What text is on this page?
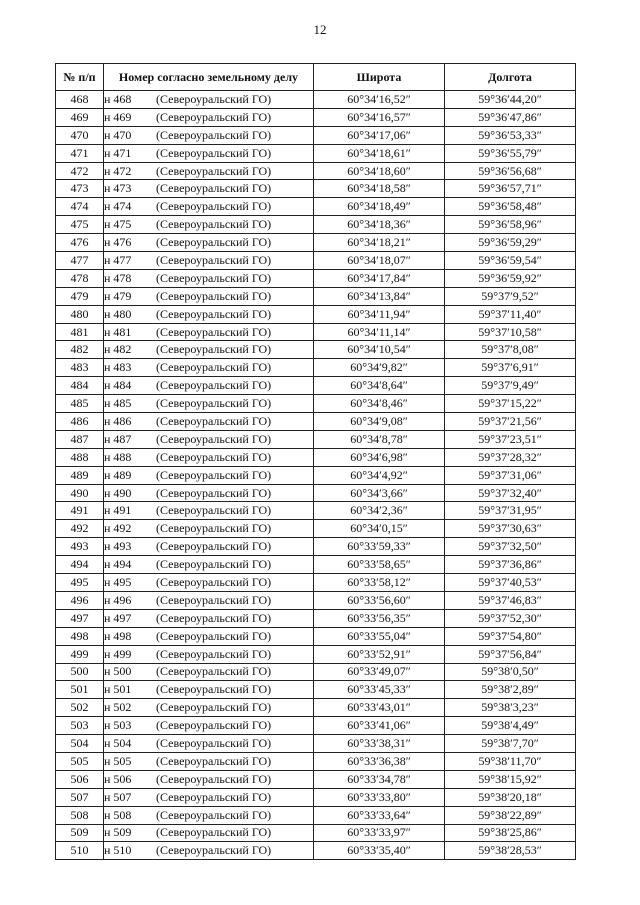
12
№ п/п	Номер согласно земельному делу	Широта	Долгота
468	н 468 (Североуральский ГО)	60°34′16,52″	59°36′44,20″
469	н 469 (Североуральский ГО)	60°34′16,57″	59°36′47,86″
470	н 470 (Североуральский ГО)	60°34′17,06″	59°36′53,33″
471	н 471 (Североуральский ГО)	60°34′18,61″	59°36′55,79″
472	н 472 (Североуральский ГО)	60°34′18,60″	59°36′56,68″
473	н 473 (Североуральский ГО)	60°34′18,58″	59°36′57,71″
474	н 474 (Североуральский ГО)	60°34′18,49″	59°36′58,48″
475	н 475 (Североуральский ГО)	60°34′18,36″	59°36′58,96″
476	н 476 (Североуральский ГО)	60°34′18,21″	59°36′59,29″
477	н 477 (Североуральский ГО)	60°34′18,07″	59°36′59,54″
478	н 478 (Североуральский ГО)	60°34′17,84″	59°36′59,92″
479	н 479 (Североуральский ГО)	60°34′13,84″	59°37′9,52″
480	н 480 (Североуральский ГО)	60°34′11,94″	59°37′11,40″
481	н 481 (Североуральский ГО)	60°34′11,14″	59°37′10,58″
482	н 482 (Североуральский ГО)	60°34′10,54″	59°37′8,08″
483	н 483 (Североуральский ГО)	60°34′9,82″	59°37′6,91″
484	н 484 (Североуральский ГО)	60°34′8,64″	59°37′9,49″
485	н 485 (Североуральский ГО)	60°34′8,46″	59°37′15,22″
486	н 486 (Североуральский ГО)	60°34′9,08″	59°37′21,56″
487	н 487 (Североуральский ГО)	60°34′8,78″	59°37′23,51″
488	н 488 (Североуральский ГО)	60°34′6,98″	59°37′28,32″
489	н 489 (Североуральский ГО)	60°34′4,92″	59°37′31,06″
490	н 490 (Североуральский ГО)	60°34′3,66″	59°37′32,40″
491	н 491 (Североуральский ГО)	60°34′2,36″	59°37′31,95″
492	н 492 (Североуральский ГО)	60°34′0,15″	59°37′30,63″
493	н 493 (Североуральский ГО)	60°33′59,33″	59°37′32,50″
494	н 494 (Североуральский ГО)	60°33′58,65″	59°37′36,86″
495	н 495 (Североуральский ГО)	60°33′58,12″	59°37′40,53″
496	н 496 (Североуральский ГО)	60°33′56,60″	59°37′46,83″
497	н 497 (Североуральский ГО)	60°33′56,35″	59°37′52,30″
498	н 498 (Североуральский ГО)	60°33′55,04″	59°37′54,80″
499	н 499 (Североуральский ГО)	60°33′52,91″	59°37′56,84″
500	н 500 (Североуральский ГО)	60°33′49,07″	59°38′0,50″
501	н 501 (Североуральский ГО)	60°33′45,33″	59°38′2,89″
502	н 502 (Североуральский ГО)	60°33′43,01″	59°38′3,23″
503	н 503 (Североуральский ГО)	60°33′41,06″	59°38′4,49″
504	н 504 (Североуральский ГО)	60°33′38,31″	59°38′7,70″
505	н 505 (Североуральский ГО)	60°33′36,38″	59°38′11,70″
506	н 506 (Североуральский ГО)	60°33′34,78″	59°38′15,92″
507	н 507 (Североуральский ГО)	60°33′33,80″	59°38′20,18″
508	н 508 (Североуральский ГО)	60°33′33,64″	59°38′22,89″
509	н 509 (Североуральский ГО)	60°33′33,97″	59°38′25,86″
510	н 510 (Североуральский ГО)	60°33′35,40″	59°38′28,53″
